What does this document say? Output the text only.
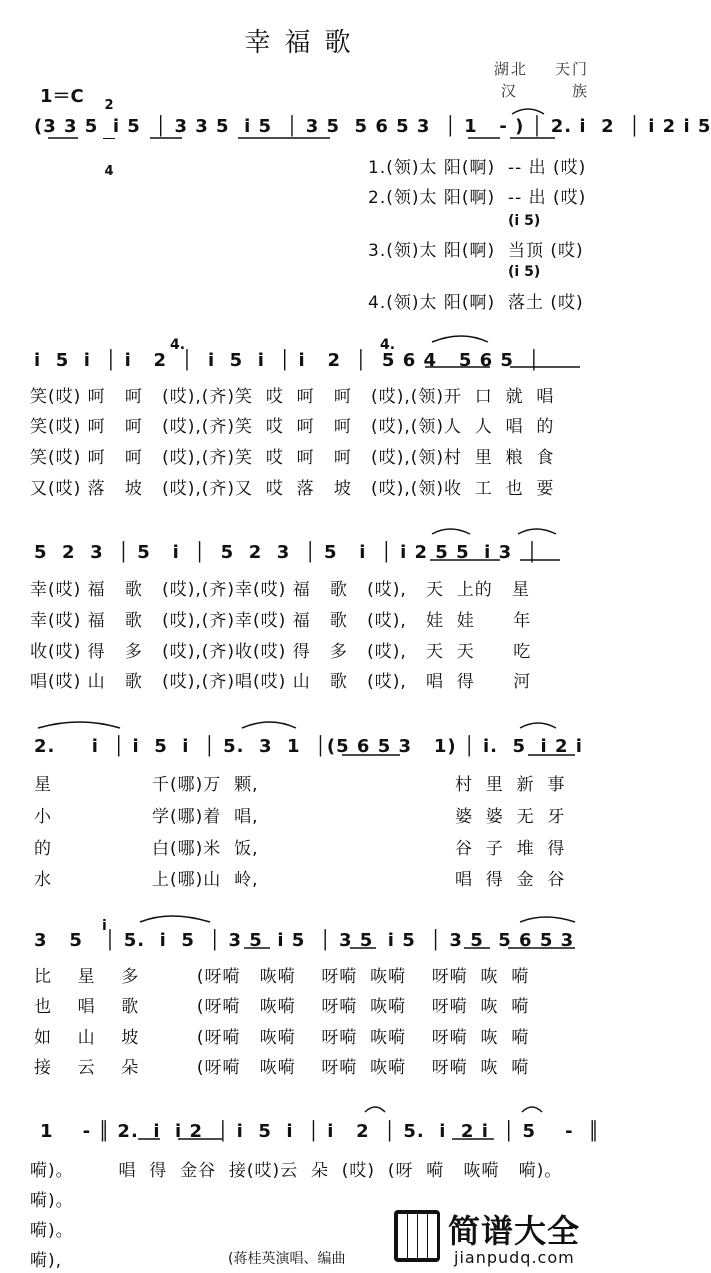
幸福歌
湖北    天门
汉        族
1＝C

2

4

(3 3 5  i 5  │ 3 3 5  i 5  │ 3 5  5 6 5 3  │ 1   - ) │ 2. i  2  │ i 2 i 5
(i 5)
(i 5)
1.(领)太 阳(啊)  -- 出 (哎)
2.(领)太 阳(啊)  -- 出 (哎)
3.(领)太 阳(啊)  当顶 (哎)
4.(领)太 阳(啊)  落土 (哎)
4.	4.
i  5  i  │ i   2  │  i  5  i  │ i   2  │  5 6 4   5 6 5  │
笑(哎) 呵   呵   (哎),(齐)笑  哎  呵   呵   (哎),(领)开  口  就  唱
笑(哎) 呵   呵   (哎),(齐)笑  哎  呵   呵   (哎),(领)人  人  唱  的
笑(哎) 呵   呵   (哎),(齐)笑  哎  呵   呵   (哎),(领)村  里  粮  食
又(哎) 落   坡   (哎),(齐)又  哎  落   坡   (哎),(领)收  工  也  要
5  2  3  │ 5   i  │  5  2  3  │ 5   i  │ i 2 5 5  i 3  │
幸(哎) 福   歌   (哎),(齐)幸(哎) 福   歌   (哎),   天  上的   星
幸(哎) 福   歌   (哎),(齐)幸(哎) 福   歌   (哎),   娃  娃      年
收(哎) 得   多   (哎),(齐)收(哎) 得   多   (哎),   天  天      吃
唱(哎) 山   歌   (哎),(齐)唱(哎) 山   歌   (哎),   唱  得      河
2.     i  │ i  5  i  │ 5.  3  1  │(5 6 5 3   1) │ i.  5  i 2 i
星	千(哪)万  颗,	村  里  新  事
小	学(哪)着  唱,	婆  婆  无  牙
的	白(哪)米  饭,	谷  子  堆  得
水	上(哪)山  岭,	唱  得  金  谷
i
3   5   │ 5.  i  5  │ 3 5  i 5  │ 3 5  i 5  │ 3 5  5 6 5 3
比    星    多         (呀嗬   咴嗬    呀嗬  咴嗬    呀嗬  咴  嗬
也    唱    歌         (呀嗬   咴嗬    呀嗬  咴嗬    呀嗬  咴  嗬
如    山    坡         (呀嗬   咴嗬    呀嗬  咴嗬    呀嗬  咴  嗬
接    云    朵         (呀嗬   咴嗬    呀嗬  咴嗬    呀嗬  咴  嗬
1    - ║ 2.  i  i 2  │ i  5  i  │ i   2  │ 5.  i  2 i  │ 5    -  ║
嗬)。       唱  得  金谷  接(哎)云  朵  (哎)  (呀  嗬   咴嗬   嗬)。
嗬)。
嗬)。
嗬),	(蒋桂英演唱、编曲
简谱大全
jianpudq.com
